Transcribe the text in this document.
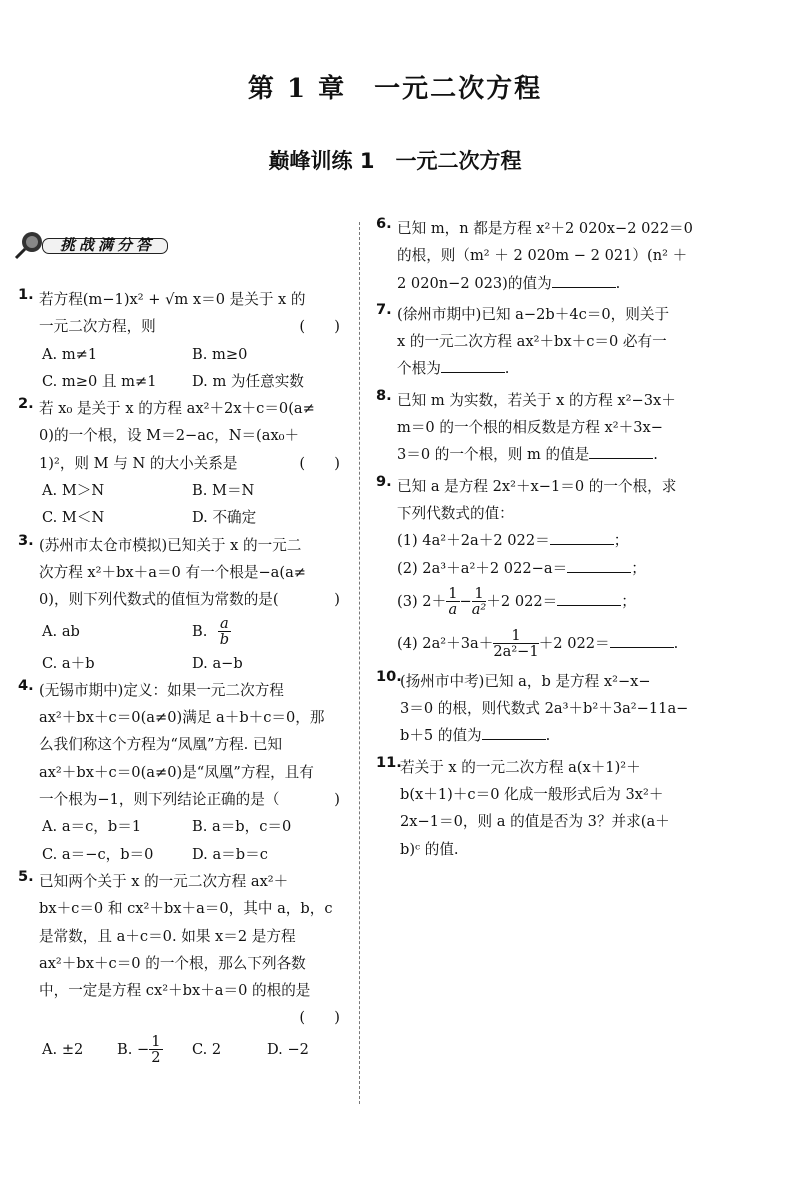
第 1 章　一元二次方程
巅峰训练 1　一元二次方程
挑战满分答
1. 若方程(m−1)x² + √m x＝0 是关于 x 的
一元二次方程，则	(　　)
A. m≠1	B. m≥0
C. m≥0 且 m≠1	D. m 为任意实数
2. 若 x₀ 是关于 x 的方程 ax²＋2x＋c＝0(a≠
0)的一个根，设 M＝2−ac，N＝(ax₀＋
1)²，则 M 与 N 的大小关系是	(　　)
A. M＞N	B. M＝N
C. M＜N	D. 不确定
3. (苏州市太仓市模拟)已知关于 x 的一元二
次方程 x²＋bx＋a＝0 有一个根是−a(a≠
0)，则下列代数式的值恒为常数的是(	　)
A. ab	B. $\frac{a}{b}$
C. a＋b	D. a−b
4. (无锡市期中)定义：如果一元二次方程
ax²＋bx＋c＝0(a≠0)满足 a＋b＋c＝0，那
么我们称这个方程为“凤凰”方程. 已知
ax²＋bx＋c＝0(a≠0)是“凤凰”方程，且有
一个根为−1，则下列结论正确的是（	　)
A. a＝c，b＝1	B. a＝b，c＝0
C. a＝−c，b＝0	D. a＝b＝c
5. 已知两个关于 x 的一元二次方程 ax²＋
bx＋c＝0 和 cx²＋bx＋a＝0，其中 a，b，c
是常数，且 a＋c＝0. 如果 x＝2 是方程
ax²＋bx＋c＝0 的一个根，那么下列各数
中，一定是方程 cx²＋bx＋a＝0 的根的是
(　　)

A. ±2	B. − $\frac{1}{2} C$. 2	D. −2
6. 已知 m，n 都是方程 x²＋2 020x−2 022＝0
的根，则（m² ＋ 2 020m − 2 021）(n² ＋
2 020n−2 023)的值为	.
7. (徐州市期中)已知 a−2b＋4c＝0，则关于
x 的一元二次方程 ax²＋bx＋c＝0 必有一
个根为	.
8. 已知 m 为实数，若关于 x 的方程 x²−3x＋
m＝0 的一个根的相反数是方程 x²＋3x−
3＝0 的一个根，则 m 的值是	.
9. 已知 a 是方程 2x²＋x−1＝0 的一个根，求
下列代数式的值：
(1) 4a²＋2a＋2 022＝	；
(2) 2a³＋a²＋2 022−a＝	；
(3) $2+ \frac{1}{a} - \frac{1}{\text{a²}} +2$ 022＝	；
(4) $2a^2+3a+ \frac{1}{\text{2a²−1}} +2$ 022＝	.
10.
(扬州市中考)已知 a，b 是方程 x²−x−
3＝0 的根，则代数式 2a³＋b²＋3a²−11a−
b＋5 的值为	.
11.
若关于 x 的一元二次方程 a(x＋1)²＋
b(x＋1)＋c＝0 化成一般形式后为 3x²＋
2x−1＝0，则 a 的值是否为 3？并求(a＋
b)ᶜ 的值.
